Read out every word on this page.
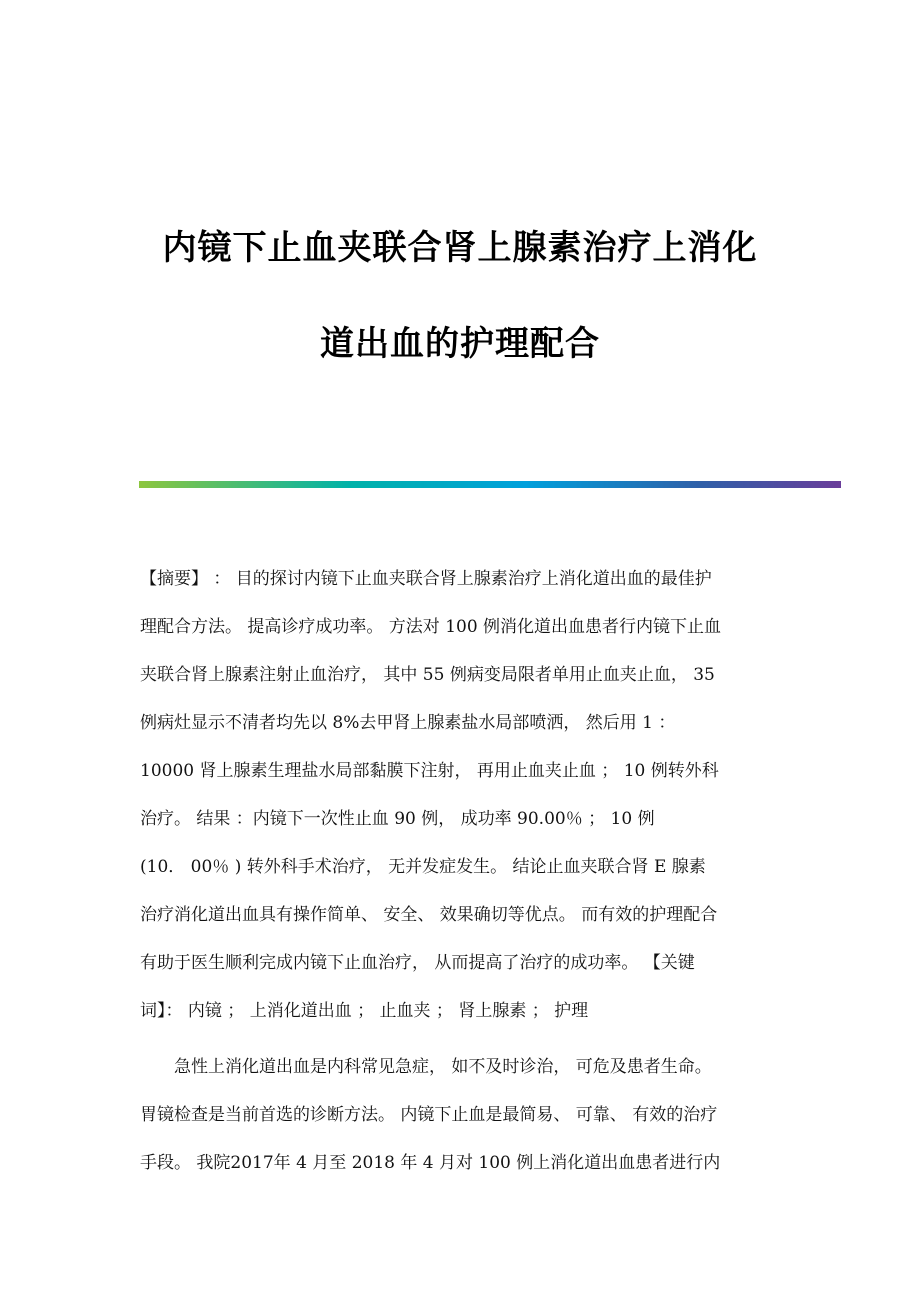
内镜下止血夹联合肾上腺素治疗上消化
道出血的护理配合
【摘要】 ： 目的探讨内镜下止血夹联合肾上腺素治疗上消化道出血的最佳护
理配合方法。 提高诊疗成功率。 方法对 100 例消化道出血患者行内镜下止血
夹联合肾上腺素注射止血治疗， 其中 55 例病变局限者单用止血夹止血， 35
例病灶显示不清者均先以 8%去甲肾上腺素盐水局部喷洒， 然后用 1 ：
10000 肾上腺素生理盐水局部黏膜下注射， 再用止血夹止血 ； 10 例转外科
治疗。 结果 ：内镜下一次性止血 90 例， 成功率 90.00％ ； 10 例
(10． 00％ ) 转外科手术治疗， 无并发症发生。 结论止血夹联合肾 E 腺素
治疗消化道出血具有操作简单、 安全、 效果确切等优点。 而有效的护理配合
有助于医生顺利完成内镜下止血治疗， 从而提高了治疗的成功率。 【关键
词】： 内镜 ； 上消化道出血 ； 止血夹 ； 肾上腺素 ； 护理
急性上消化道出血是内科常见急症， 如不及时诊治， 可危及患者生命。
胃镜检查是当前首选的诊断方法。 内镜下止血是最简易、 可靠、 有效的治疗
手段。 我院2017年 4 月至 2018 年 4 月对 100 例上消化道出血患者进行内
